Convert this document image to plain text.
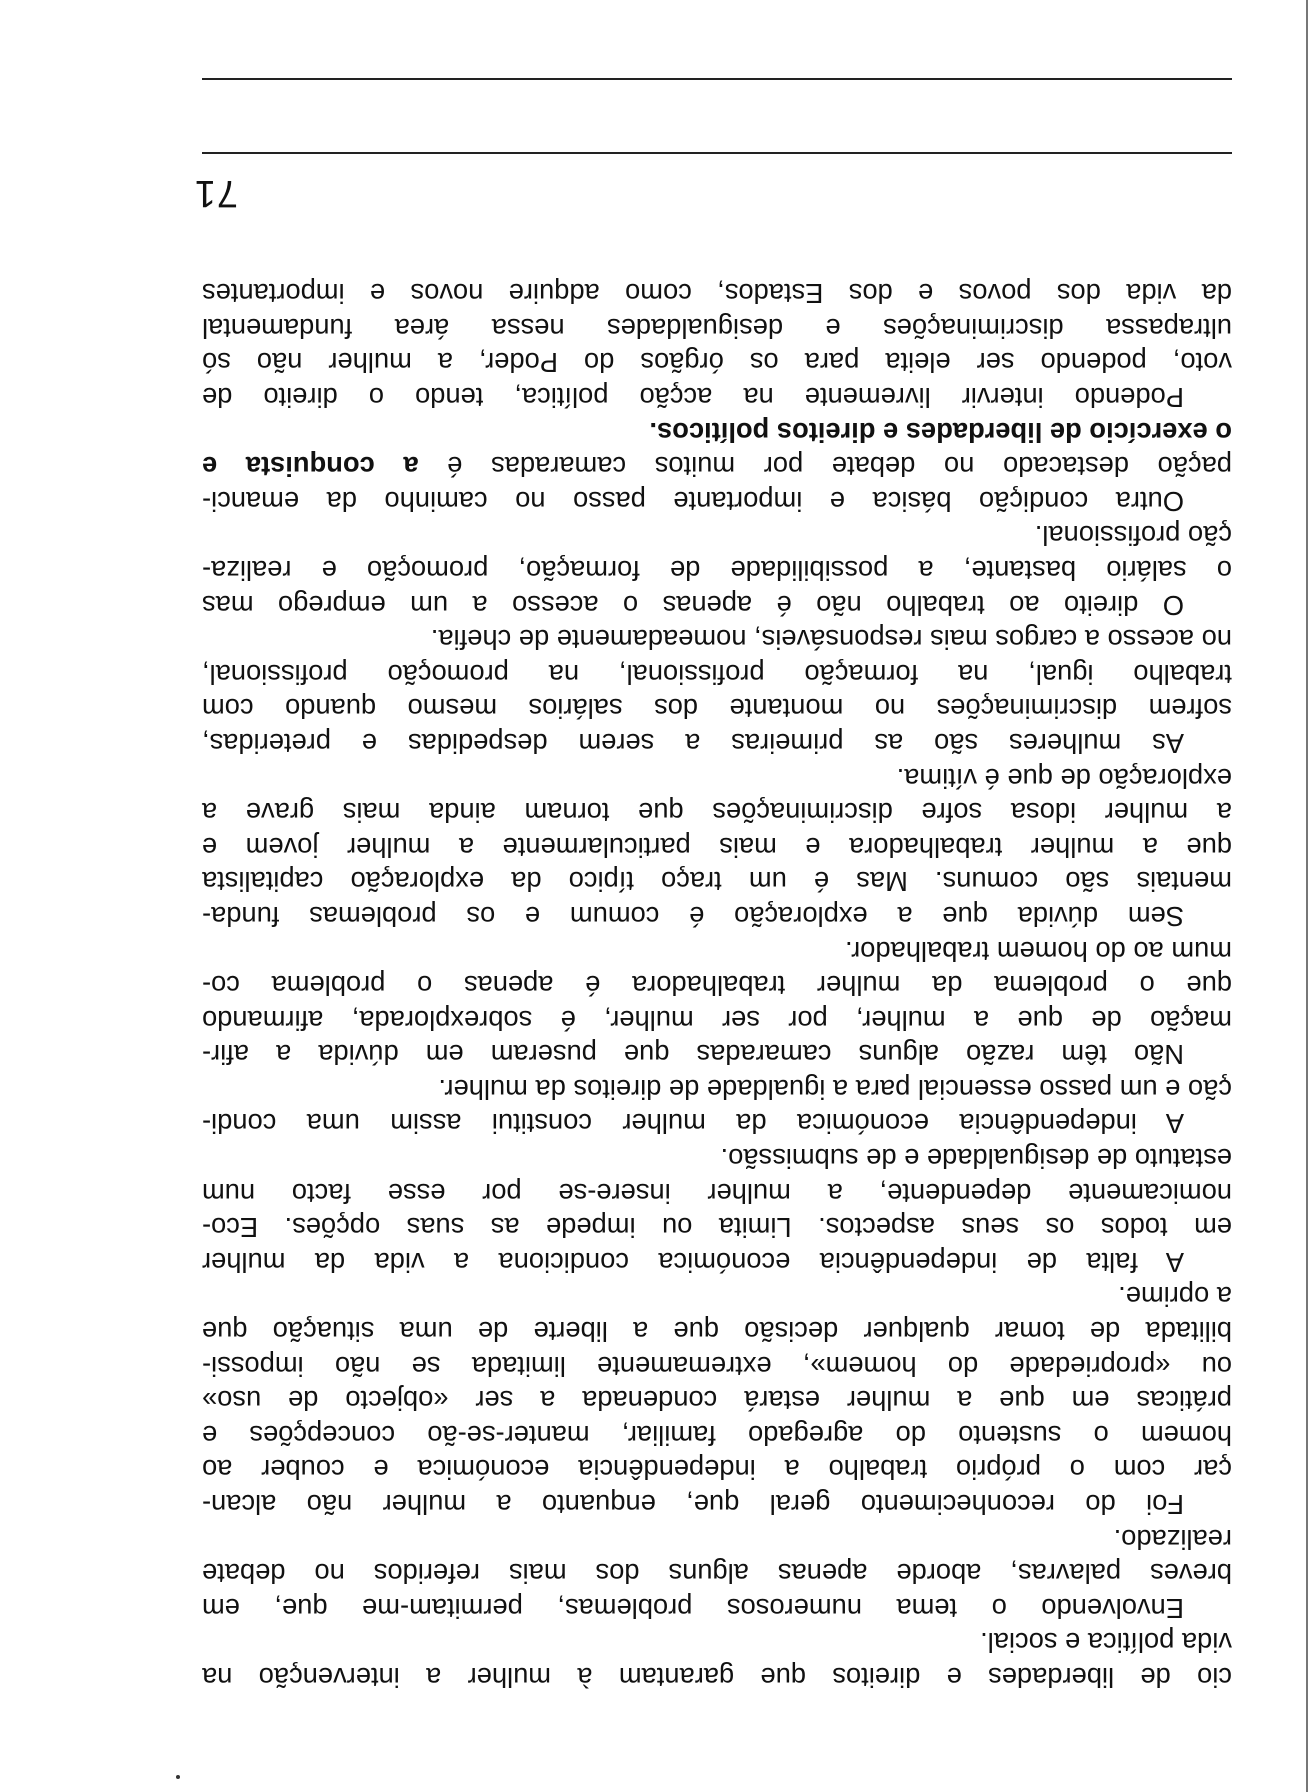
71
cio de liberdades e direitos que garantam à mulher a intervenção na
vida política e social.
Envolvendo o tema numerosos problemas, permitam-me que, em
breves palavras, aborde apenas alguns dos mais referidos no debate
realizado.
Foi do reconhecimento geral que, enquanto a mulher não alcan-
çar com o próprio trabalho a independência económica e couber ao
homem o sustento do agregado familiar, manter-se-ão concepções e
práticas em que a mulher estará condenada a ser «objecto de uso»
ou «propriedade do homem», extremamente limitada se não impossi-
bilitada de tomar qualquer decisão que a liberte de uma situação que
a oprime.
A falta de independência económica condiciona a vida da mulher
em todos os seus aspectos. Limita ou impede as suas opções. Eco-
nomicamente dependente, a mulher insere-se por esse facto num
estatuto de desigualdade e de submissão.
A independência económica da mulher constitui assim uma condi-
ção e um passo essencial para a igualdade de direitos da mulher.
Não têm razão alguns camaradas que puseram em dúvida a afir-
mação de que a mulher, por ser mulher, é sobrexplorada, afirmando
que o problema da mulher trabalhadora é apenas o problema co-
mum ao do homem trabalhador.
Sem dúvida que a exploração é comum e os problemas funda-
mentais são comuns. Mas é um traço típico da exploração capitalista
que a mulher trabalhadora e mais particularmente a mulher jovem e
a mulher idosa sofre discriminações que tornam ainda mais grave a
exploração de que é vítima.
As mulheres são as primeiras a serem despedidas e preteridas,
sofrem discriminações no montante dos salários mesmo quando com
trabalho igual, na formação profissional, na promoção profissional,
no acesso a cargos mais responsáveis, nomeadamente de chefia.
O direito ao trabalho não é apenas o acesso a um emprego mas
o salário bastante, a possibilidade de formação, promoção e realiza-
ção profissional.
Outra condição básica e importante passo no caminho da emanci-
pação destacado no debate por muitos camaradas é a conquista e
o exercício de liberdades e direitos políticos.
Podendo intervir livremente na acção política, tendo o direito de
voto, podendo ser eleita para os órgãos do Poder, a mulher não só
ultrapassa discriminações e desigualdades nessa área fundamental
da vida dos povos e dos Estados, como adquire novos e importantes
